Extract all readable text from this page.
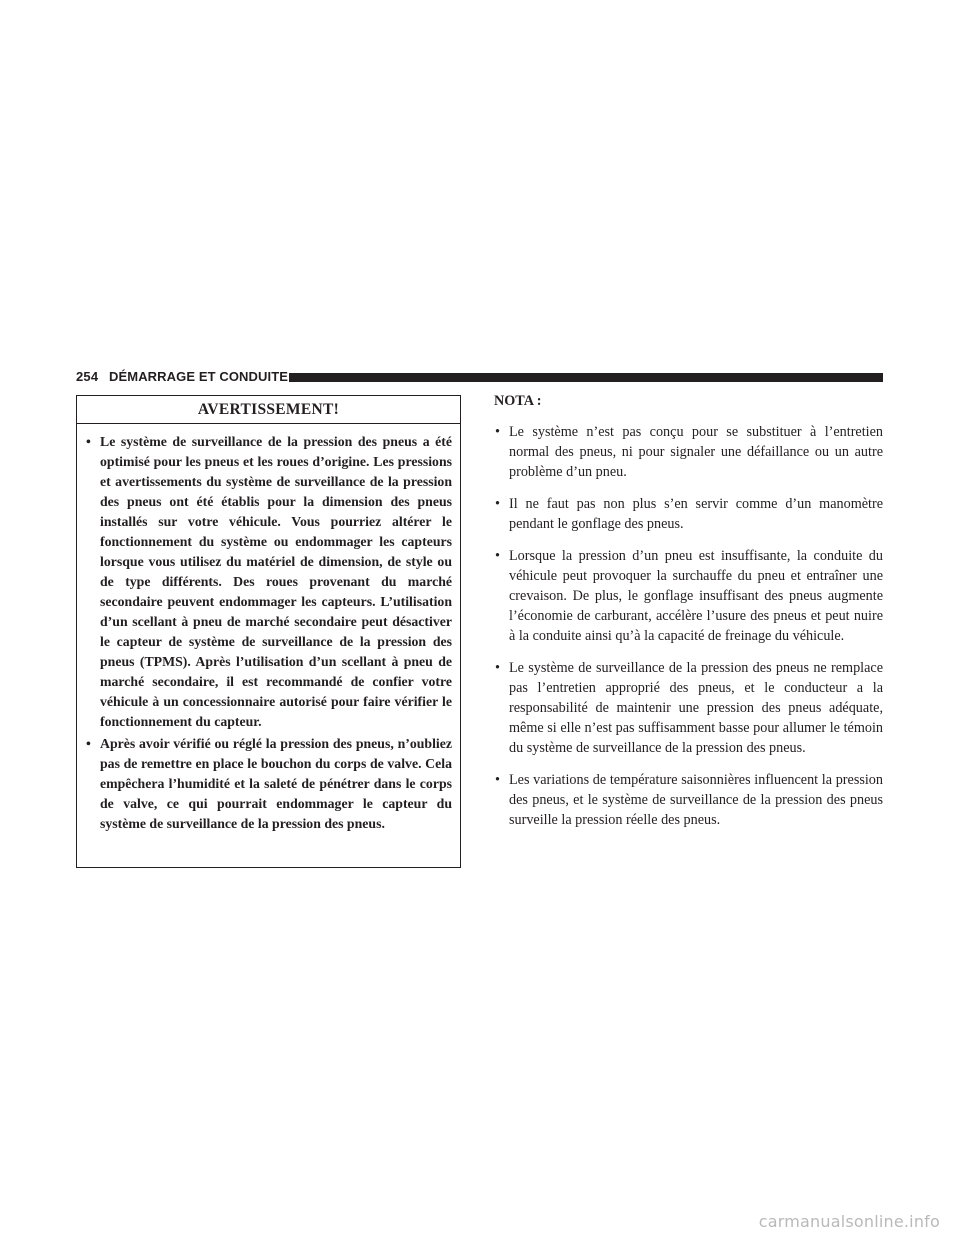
254 DÉMARRAGE ET CONDUITE
AVERTISSEMENT!
• Le système de surveillance de la pression des pneus a été optimisé pour les pneus et les roues d’origine. Les pressions et avertissements du système de surveillance de la pression des pneus ont été établis pour la dimension des pneus installés sur votre véhicule. Vous pourriez altérer le fonctionnement du système ou endommager les capteurs lorsque vous utilisez du matériel de dimension, de style ou de type différents. Des roues provenant du marché secondaire peuvent endommager les capteurs. L’utilisation d’un scellant à pneu de marché secondaire peut désactiver le capteur de système de surveillance de la pression des pneus (TPMS). Après l’utilisation d’un scellant à pneu de marché secondaire, il est recommandé de confier votre véhicule à un concessionnaire autorisé pour faire vérifier le fonctionnement du capteur.
• Après avoir vérifié ou réglé la pression des pneus, n’oubliez pas de remettre en place le bouchon du corps de valve. Cela empêchera l’humidité et la saleté de pénétrer dans le corps de valve, ce qui pourrait endommager le capteur du système de surveillance de la pression des pneus.
NOTA :
• Le système n’est pas conçu pour se substituer à l’entretien normal des pneus, ni pour signaler une défaillance ou un autre problème d’un pneu.
• Il ne faut pas non plus s’en servir comme d’un manomètre pendant le gonflage des pneus.
• Lorsque la pression d’un pneu est insuffisante, la conduite du véhicule peut provoquer la surchauffe du pneu et entraîner une crevaison. De plus, le gonflage insuffisant des pneus augmente l’économie de carburant, accélère l’usure des pneus et peut nuire à la conduite ainsi qu’à la capacité de freinage du véhicule.
• Le système de surveillance de la pression des pneus ne remplace pas l’entretien approprié des pneus, et le conducteur a la responsabilité de maintenir une pression des pneus adéquate, même si elle n’est pas suffisamment basse pour allumer le témoin du système de surveillance de la pression des pneus.
• Les variations de température saisonnières influencent la pression des pneus, et le système de surveillance de la pression des pneus surveille la pression réelle des pneus.
carmanualsonline.info
